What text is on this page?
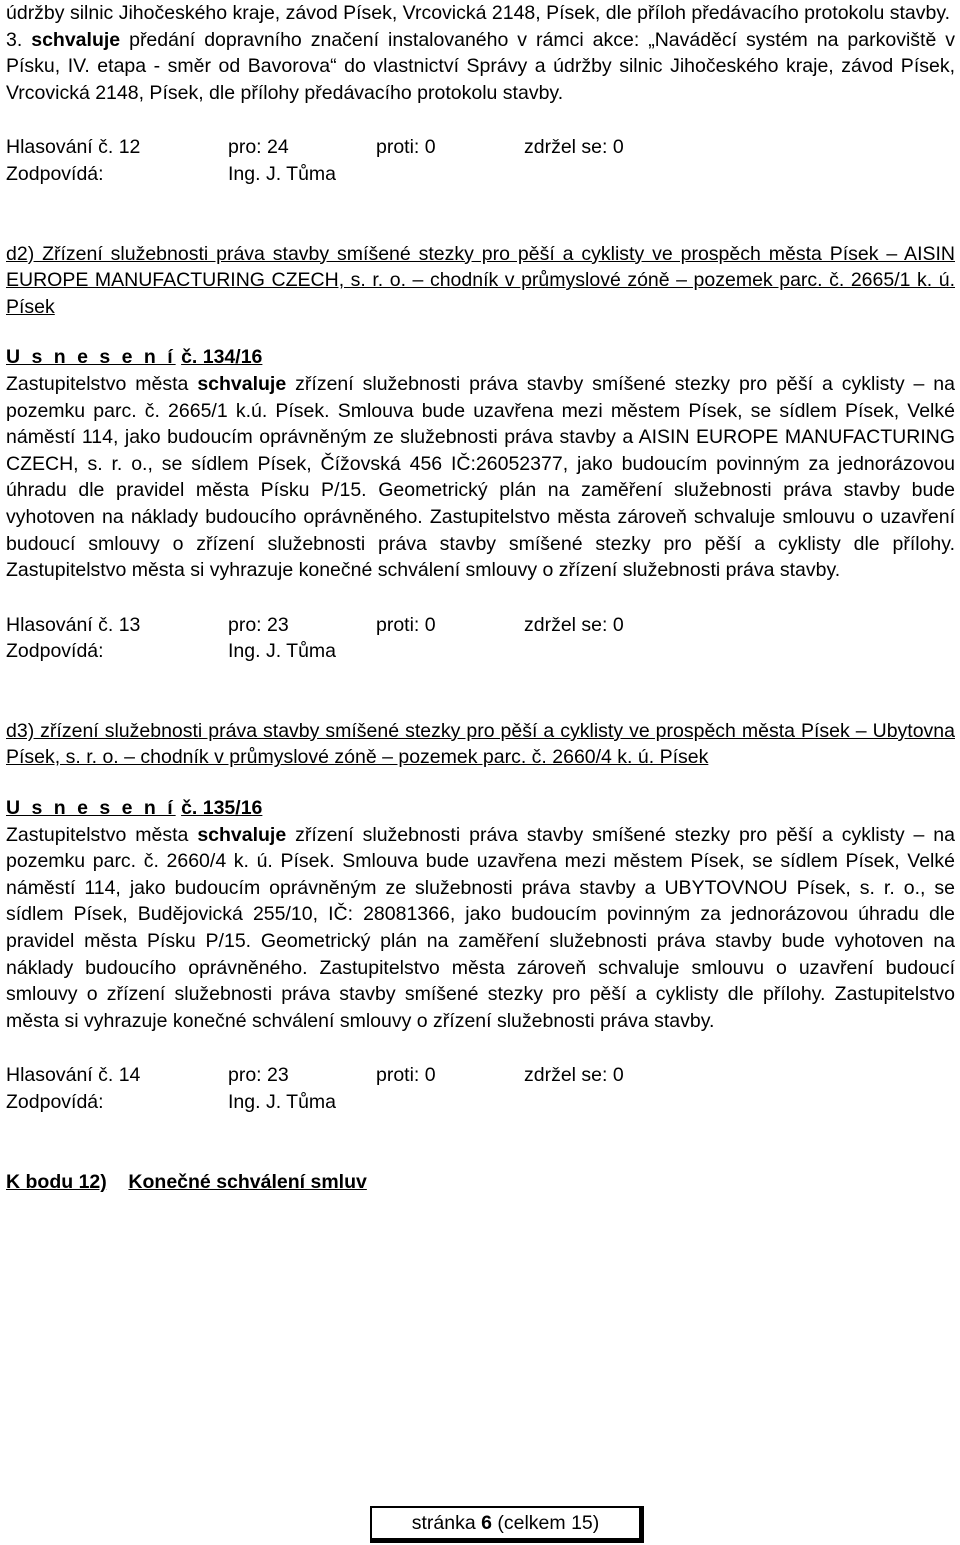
údržby silnic Jihočeského kraje, závod Písek, Vrcovická 2148, Písek, dle příloh předávacího protokolu stavby.

3. schvaluje předání dopravního značení instalovaného v rámci akce: „Naváděcí systém na parkoviště v Písku, IV. etapa - směr od Bavorova“ do vlastnictví Správy a údržby silnic Jihočeského kraje, závod Písek, Vrcovická 2148, Písek, dle přílohy předávacího protokolu stavby.

Hlasování č. 12	pro: 24	proti: 0	zdržel se: 0
Zodpovídá:	Ing. J. Tůma

d2) Zřízení služebnosti práva stavby smíšené stezky pro pěší a cyklisty ve prospěch města Písek – AISIN EUROPE MANUFACTURING CZECH, s. r. o. – chodník v průmyslové zóně – pozemek parc. č. 2665/1 k. ú. Písek

U s n e s e n í č. 134/16

Zastupitelstvo města schvaluje zřízení služebnosti práva stavby smíšené stezky pro pěší a cyklisty – na pozemku parc. č. 2665/1 k.ú. Písek. Smlouva bude uzavřena mezi městem Písek, se sídlem Písek, Velké náměstí 114, jako budoucím oprávněným ze služebnosti práva stavby a AISIN EUROPE MANUFACTURING CZECH, s. r. o., se sídlem Písek, Čížovská 456 IČ:26052377, jako budoucím povinným za jednorázovou úhradu dle pravidel města Písku P/15. Geometrický plán na zaměření služebnosti práva stavby bude vyhotoven na náklady budoucího oprávněného. Zastupitelstvo města zároveň schvaluje smlouvu o uzavření budoucí smlouvy o zřízení služebnosti práva stavby smíšené stezky pro pěší a cyklisty dle přílohy. Zastupitelstvo města si vyhrazuje konečné schválení smlouvy o zřízení služebnosti práva stavby.

Hlasování č. 13	pro: 23	proti: 0	zdržel se: 0
Zodpovídá:	Ing. J. Tůma

d3) zřízení služebnosti práva stavby smíšené stezky pro pěší a cyklisty ve prospěch města Písek – Ubytovna Písek, s. r. o. – chodník v průmyslové zóně – pozemek parc. č. 2660/4 k. ú. Písek

U s n e s e n í č. 135/16

Zastupitelstvo města schvaluje zřízení služebnosti práva stavby smíšené stezky pro pěší a cyklisty – na pozemku parc. č. 2660/4 k. ú. Písek. Smlouva bude uzavřena mezi městem Písek, se sídlem Písek, Velké náměstí 114, jako budoucím oprávněným ze služebnosti práva stavby a UBYTOVNOU Písek, s. r. o., se sídlem Písek, Budějovická 255/10, IČ: 28081366, jako budoucím povinným za jednorázovou úhradu dle pravidel města Písku P/15. Geometrický plán na zaměření služebnosti práva stavby bude vyhotoven na náklady budoucího oprávněného. Zastupitelstvo města zároveň schvaluje smlouvu o uzavření budoucí smlouvy o zřízení služebnosti práva stavby smíšené stezky pro pěší a cyklisty dle přílohy. Zastupitelstvo města si vyhrazuje konečné schválení smlouvy o zřízení služebnosti práva stavby.

Hlasování č. 14	pro: 23	proti: 0	zdržel se: 0
Zodpovídá:	Ing. J. Tůma

K bodu 12) Konečné schválení smluv

stránka 6 (celkem 15)
